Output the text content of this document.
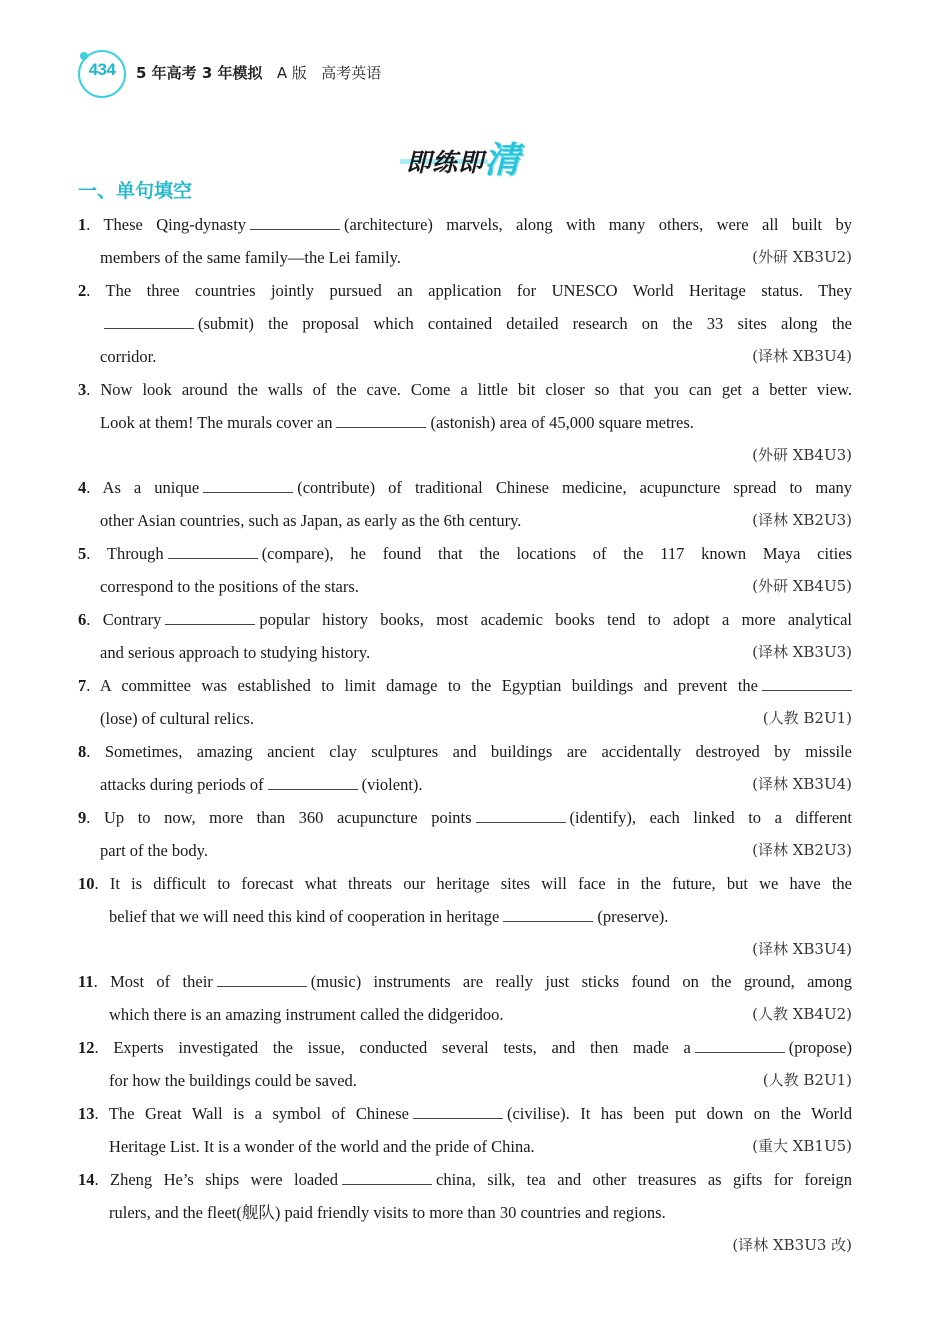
434	5 年高考 3 年模拟 A 版 高考英语
即练即清
一、单句填空
1. These Qing-dynasty	(architecture) marvels, along with many others, were all built by
members of the same family—the Lei family.	(外研 XB3U2)
2. The three countries jointly pursued an application for UNESCO World Heritage status. They
(submit) the proposal which contained detailed research on the 33 sites along the
corridor.	(译林 XB3U4)
3. Now look around the walls of the cave. Come a little bit closer so that you can get a better view.
Look at them! The murals cover an	(astonish) area of 45,000 square metres.
(外研 XB4U3)
4. As a unique	(contribute) of traditional Chinese medicine, acupuncture spread to many
other Asian countries, such as Japan, as early as the 6th century.	(译林 XB2U3)
5. Through	(compare), he found that the locations of the 117 known Maya cities
correspond to the positions of the stars.	(外研 XB4U5)
6. Contrary	popular history books, most academic books tend to adopt a more analytical
and serious approach to studying history.	(译林 XB3U3)
7. A committee was established to limit damage to the Egyptian buildings and prevent the
(lose) of cultural relics.	(人教 B2U1)
8. Sometimes, amazing ancient clay sculptures and buildings are accidentally destroyed by missile
attacks during periods of	(violent).	(译林 XB3U4)
9. Up to now, more than 360 acupuncture points	(identify), each linked to a different
part of the body.	(译林 XB2U3)
10. It is difficult to forecast what threats our heritage sites will face in the future, but we have the
belief that we will need this kind of cooperation in heritage	(preserve).
(译林 XB3U4)
11. Most of their	(music) instruments are really just sticks found on the ground, among
which there is an amazing instrument called the didgeridoo.	(人教 XB4U2)
12. Experts investigated the issue, conducted several tests, and then made a	(propose)
for how the buildings could be saved.	(人教 B2U1)
13. The Great Wall is a symbol of Chinese	(civilise). It has been put down on the World
Heritage List. It is a wonder of the world and the pride of China.	(重大 XB1U5)
14. Zheng He’s ships were loaded	china, silk, tea and other treasures as gifts for foreign
rulers, and the fleet(舰队) paid friendly visits to more than 30 countries and regions.
(译林 XB3U3 改)
